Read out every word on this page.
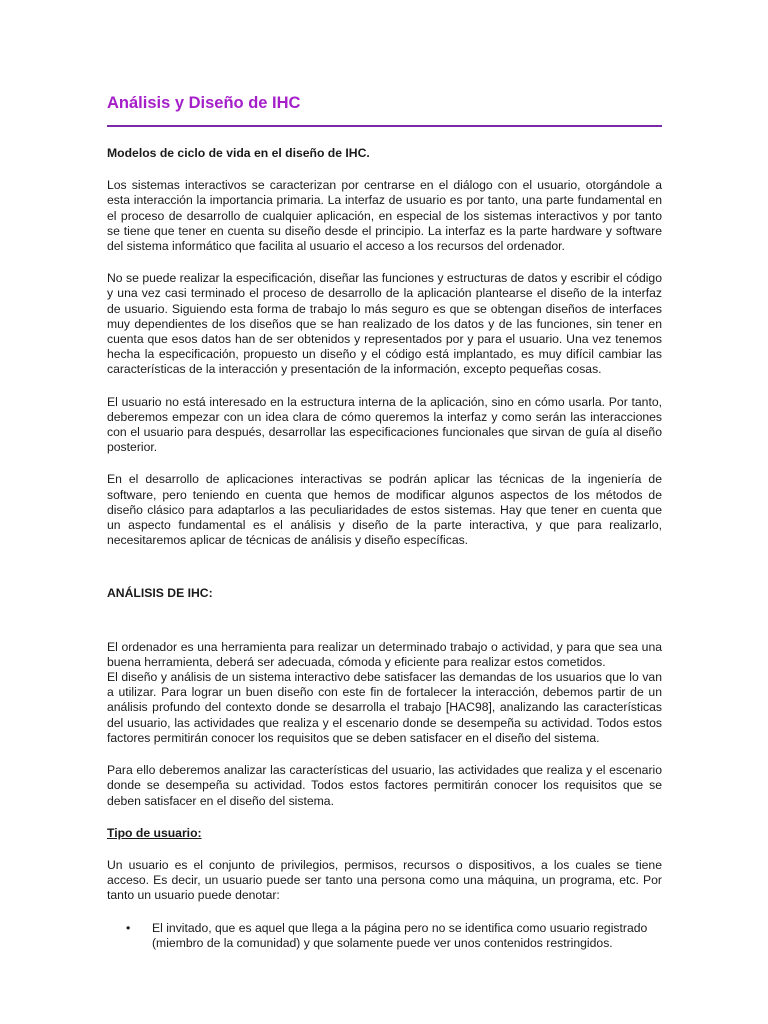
Análisis y Diseño de IHC

Modelos de ciclo de vida en el diseño de IHC.

Los sistemas interactivos se caracterizan por centrarse en el diálogo con el usuario, otorgándole a esta interacción la importancia primaria. La interfaz de usuario es por tanto, una parte fundamental en el proceso de desarrollo de cualquier aplicación, en especial de los sistemas interactivos y por tanto se tiene que tener en cuenta su diseño desde el principio. La interfaz es la parte hardware y software del sistema informático que facilita al usuario el acceso a los recursos del ordenador.

No se puede realizar la especificación, diseñar las funciones y estructuras de datos y escribir el código y una vez casi terminado el proceso de desarrollo de la aplicación plantearse el diseño de la interfaz de usuario. Siguiendo esta forma de trabajo lo más seguro es que se obtengan diseños de interfaces muy dependientes de los diseños que se han realizado de los datos y de las funciones, sin tener en cuenta que esos datos han de ser obtenidos y representados por y para el usuario. Una vez tenemos hecha la especificación, propuesto un diseño y el código está implantado, es muy difícil cambiar las características de la interacción y presentación de la información, excepto pequeñas cosas.

El usuario no está interesado en la estructura interna de la aplicación, sino en cómo usarla. Por tanto, deberemos empezar con un idea clara de cómo queremos la interfaz y como serán las interacciones con el usuario para después, desarrollar las especificaciones funcionales que sirvan de guía al diseño posterior.

En el desarrollo de aplicaciones interactivas se podrán aplicar las técnicas de la ingeniería de software, pero teniendo en cuenta que hemos de modificar algunos aspectos de los métodos de diseño clásico para adaptarlos a las peculiaridades de estos sistemas. Hay que tener en cuenta que un aspecto fundamental es el análisis y diseño de la parte interactiva, y que para realizarlo, necesitaremos aplicar de técnicas de análisis y diseño específicas.

ANÁLISIS DE IHC:

El ordenador es una herramienta para realizar un determinado trabajo o actividad, y para que sea una buena herramienta, deberá ser adecuada, cómoda y eficiente para realizar estos cometidos.

El diseño y análisis de un sistema interactivo debe satisfacer las demandas de los usuarios que lo van a utilizar. Para lograr un buen diseño con este fin de fortalecer la interacción, debemos partir de un análisis profundo del contexto donde se desarrolla el trabajo [HAC98], analizando las características del usuario, las actividades que realiza y el escenario donde se desempeña su actividad. Todos estos factores permitirán conocer los requisitos que se deben satisfacer en el diseño del sistema.

Para ello deberemos analizar las características del usuario, las actividades que realiza y el escenario donde se desempeña su actividad. Todos estos factores permitirán conocer los requisitos que se deben satisfacer en el diseño del sistema.

Tipo de usuario:

Un usuario es el conjunto de privilegios, permisos, recursos o dispositivos, a los cuales se tiene acceso. Es decir, un usuario puede ser tanto una persona como una máquina, un programa, etc. Por tanto un usuario puede denotar:

• El invitado, que es aquel que llega a la página pero no se identifica como usuario registrado (miembro de la comunidad) y que solamente puede ver unos contenidos restringidos.
